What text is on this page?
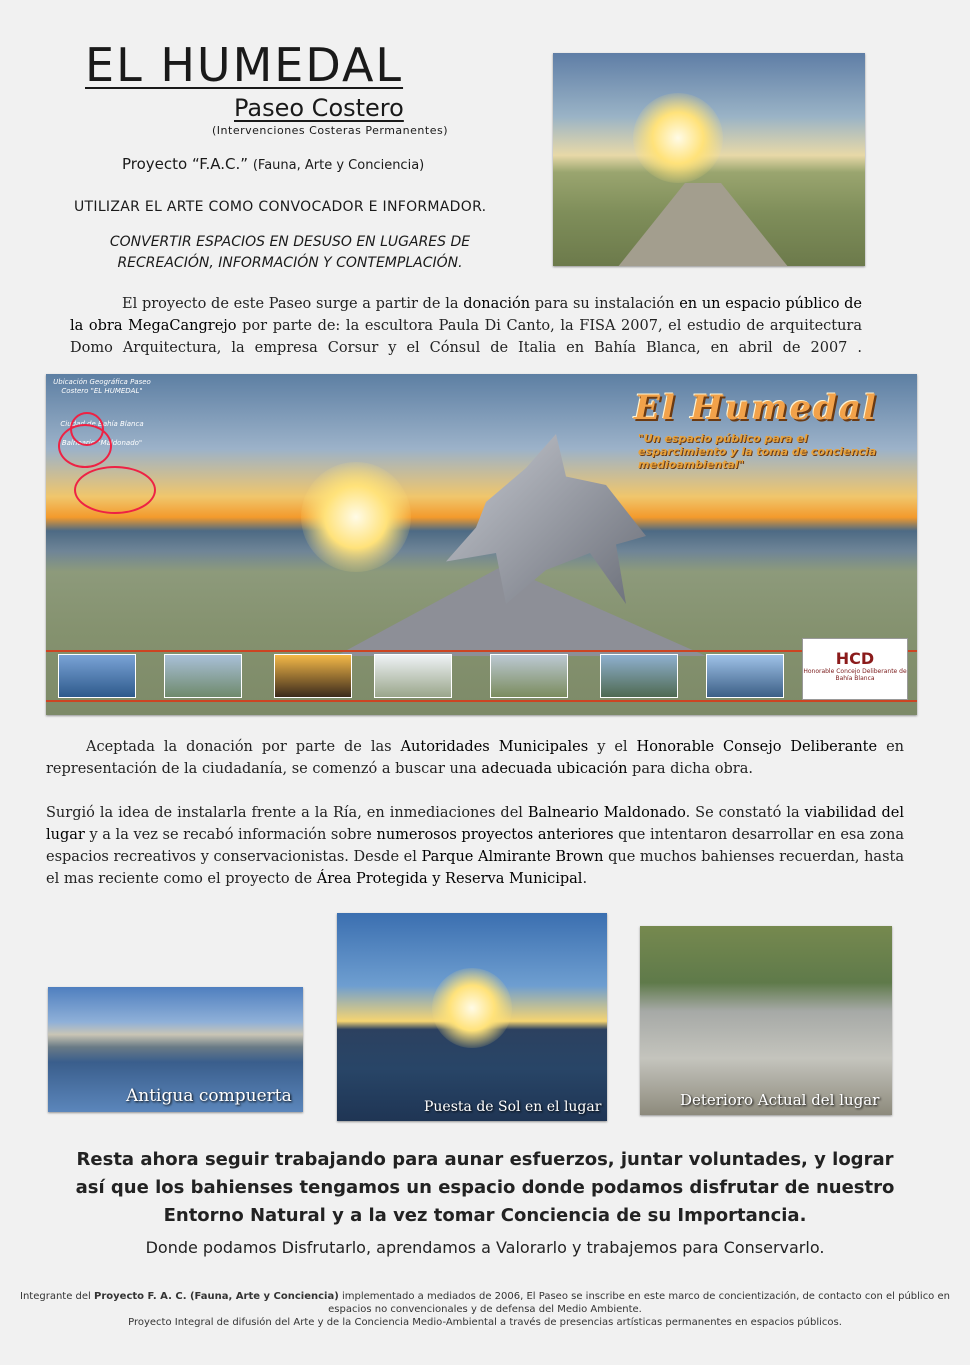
EL HUMEDAL
Paseo Costero
(Intervenciones Costeras Permanentes)
Proyecto “F.A.C.” (Fauna, Arte y Conciencia)
UTILIZAR EL ARTE COMO CONVOCADOR E INFORMADOR.
CONVERTIR ESPACIOS EN DESUSO EN LUGARES DE RECREACIÓN, INFORMACIÓN Y CONTEMPLACIÓN.
El proyecto de este Paseo surge a partir de la donación para su instalación en un espacio público de la obra MegaCangrejo por parte de: la escultora Paula Di Canto, la FISA 2007, el estudio de arquitectura Domo Arquitectura, la empresa Corsur y el Cónsul de Italia en Bahía Blanca, en abril de 2007 .
Ubicación Geográfica Paseo Costero "EL HUMEDAL"
Ciudad de Bahía Blanca
Balneario "Maldonado"
El Humedal
"Un espacio público para el esparcimiento y la toma de conciencia medioambiental"
HCD
Honorable Concejo Deliberante de Bahía Blanca
Aceptada la donación por parte de las Autoridades Municipales y el Honorable Consejo Deliberante en representación de la ciudadanía, se comenzó a buscar una adecuada ubicación para dicha obra.
Surgió la idea de instalarla frente a la Ría, en inmediaciones del Balneario Maldonado. Se constató la viabilidad del lugar y a la vez se recabó información sobre numerosos proyectos anteriores que intentaron desarrollar en esa zona espacios recreativos y conservacionistas. Desde el Parque Almirante Brown que muchos bahienses recuerdan, hasta el mas reciente como el proyecto de Área Protegida y Reserva Municipal.
Antigua compuerta
Puesta de Sol en el lugar	Deterioro Actual del lugar
Resta ahora seguir trabajando para aunar esfuerzos, juntar voluntades, y lograr así que los bahienses tengamos un espacio donde podamos disfrutar de nuestro Entorno Natural y a la vez tomar Conciencia de su Importancia.
Donde podamos Disfrutarlo, aprendamos a Valorarlo y trabajemos para Conservarlo.
Integrante del Proyecto F. A. C. (Fauna, Arte y Conciencia) implementado a mediados de 2006, El Paseo se inscribe en este marco de concientización, de contacto con el público en espacios no convencionales y de defensa del Medio Ambiente.
Proyecto Integral de difusión del Arte y de la Conciencia Medio-Ambiental a través de presencias artísticas permanentes en espacios públicos.
